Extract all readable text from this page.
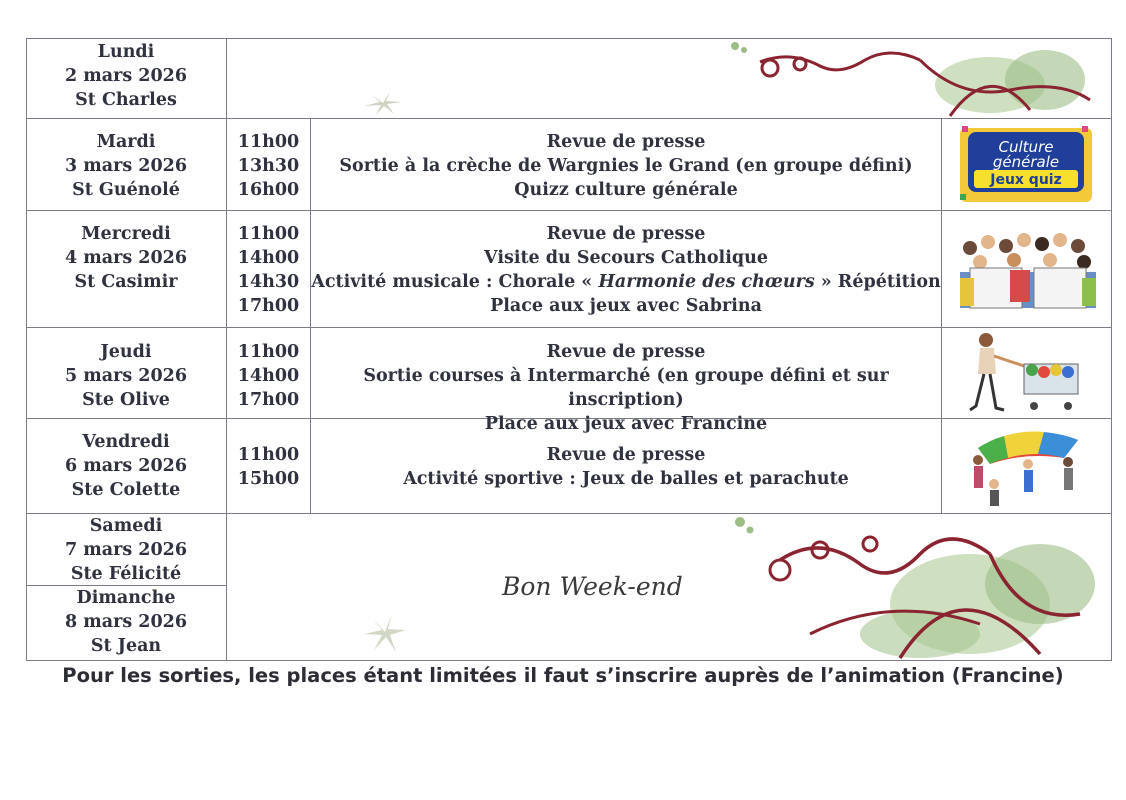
Lundi
2 mars 2026
St Charles
Mardi
3 mars 2026
St Guénolé
11h00
13h30
16h00
Revue de presse
Sortie à la crèche de Wargnies le Grand (en groupe défini)
Quizz culture générale
Culture
générale
Jeux quiz
Mercredi
4 mars 2026
St Casimir
11h00
14h00
14h30
17h00
Revue de presse
Visite du Secours Catholique
Activité musicale : Chorale « Harmonie des chœurs » Répétition
Place aux jeux avec Sabrina
Jeudi
5 mars 2026
Ste Olive
11h00
14h00
17h00
Revue de presse
Sortie courses à Intermarché (en groupe défini et sur inscription)
Place aux jeux avec Francine
Vendredi
6 mars 2026
Ste Colette
11h00
15h00
Revue de presse
Activité sportive : Jeux de balles et parachute
Samedi
7 mars 2026
Ste Félicité
Dimanche
8 mars 2026
St Jean
Bon Week-end
Pour les sorties, les places étant limitées il faut s’inscrire auprès de l’animation (Francine)
